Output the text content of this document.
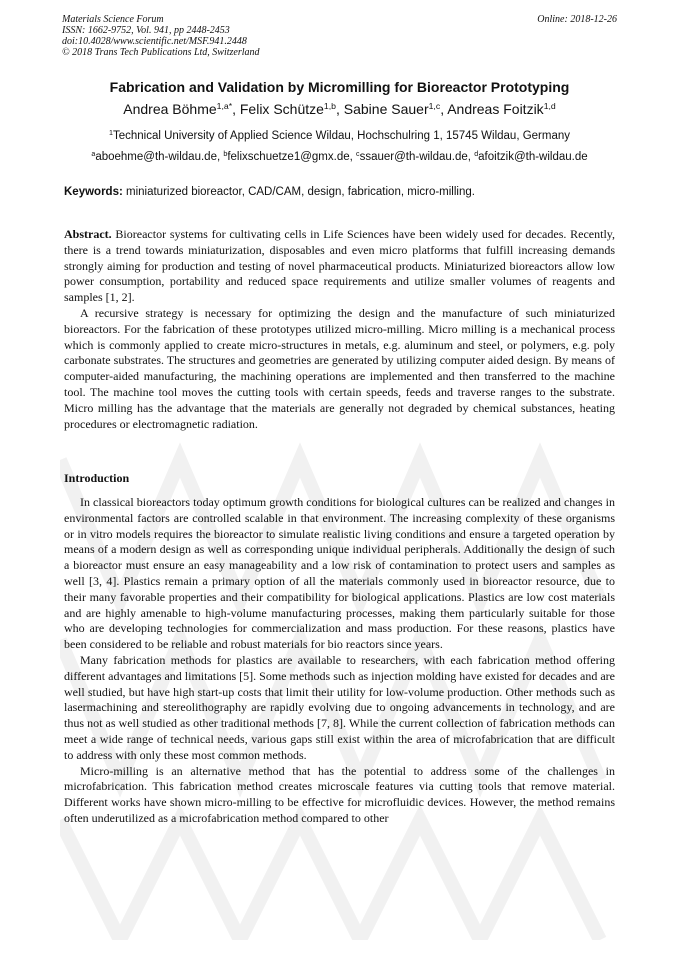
Materials Science Forum
ISSN: 1662-9752, Vol. 941, pp 2448-2453
doi:10.4028/www.scientific.net/MSF.941.2448
© 2018 Trans Tech Publications Ltd, Switzerland
Online: 2018-12-26
Fabrication and Validation by Micromilling for Bioreactor Prototyping
Andrea Böhme$^{1,a*}$, Felix Schütze$^{1,b}$, Sabine Sauer$^{1,c}$, Andreas Foitzik$^{1,d}$
$^1$Technical University of Applied Science Wildau, Hochschulring 1, 15745 Wildau, Germany
$^a$aboehme@th-wildau.de, $^b$felixschuetze1@gmx.de, $^c$ssauer@th-wildau.de, $^d$afoitzik@th-wildau.de
Keywords: miniaturized bioreactor, CAD/CAM, design, fabrication, micro-milling.

Abstract. Bioreactor systems for cultivating cells in Life Sciences have been widely used for decades. Recently, there is a trend towards miniaturization, disposables and even micro platforms that fulfill increasing demands strongly aiming for production and testing of novel pharmaceutical products. Miniaturized bioreactors allow low power consumption, portability and reduced space requirements and utilize smaller volumes of reagents and samples [1, 2].

A recursive strategy is necessary for optimizing the design and the manufacture of such miniaturized bioreactors. For the fabrication of these prototypes utilized micro-milling. Micro milling is a mechanical process which is commonly applied to create micro-structures in metals, e.g. aluminum and steel, or polymers, e.g. poly carbonate substrates. The structures and geometries are generated by utilizing computer aided design. By means of computer-aided manufacturing, the machining operations are implemented and then transferred to the machine tool. The machine tool moves the cutting tools with certain speeds, feeds and traverse ranges to the substrate. Micro milling has the advantage that the materials are generally not degraded by chemical substances, heating procedures or electromagnetic radiation.

Introduction

In classical bioreactors today optimum growth conditions for biological cultures can be realized and changes in environmental factors are controlled scalable in that environment. The increasing complexity of these organisms or in vitro models requires the bioreactor to simulate realistic living conditions and ensure a targeted operation by means of a modern design as well as corresponding unique individual peripherals. Additionally the design of such a bioreactor must ensure an easy manageability and a low risk of contamination to protect users and samples as well [3, 4]. Plastics remain a primary option of all the materials commonly used in bioreactor resource, due to their many favorable properties and their compatibility for biological applications. Plastics are low cost materials and are highly amenable to high-volume manufacturing processes, making them particularly suitable for those who are developing technologies for commercialization and mass production. For these reasons, plastics have been considered to be reliable and robust materials for bio reactors since years.

Many fabrication methods for plastics are available to researchers, with each fabrication method offering different advantages and limitations [5]. Some methods such as injection molding have existed for decades and are well studied, but have high start-up costs that limit their utility for low-volume production. Other methods such as lasermachining and stereolithography are rapidly evolving due to ongoing advancements in technology, and are thus not as well studied as other traditional methods [7, 8]. While the current collection of fabrication methods can meet a wide range of technical needs, various gaps still exist within the area of microfabrication that are difficult to address with only these most common methods.

Micro-milling is an alternative method that has the potential to address some of the challenges in microfabrication. This fabrication method creates microscale features via cutting tools that remove material. Different works have shown micro-milling to be effective for microfluidic devices. However, the method remains often underutilized as a microfabrication method compared to other
